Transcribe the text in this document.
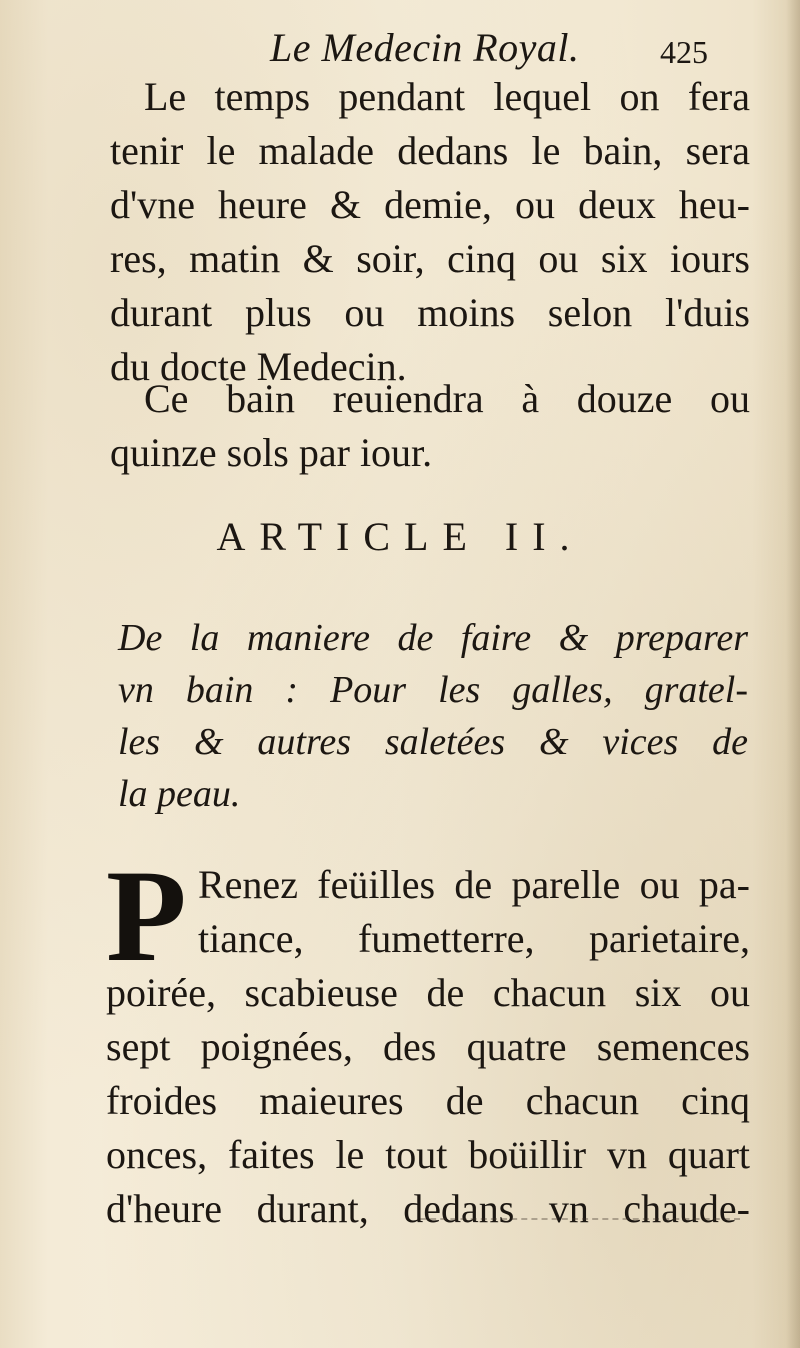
Le Medecin Royal.	425
Le temps pendant lequel on fera
tenir le malade dedans le bain, sera
d'vne heure & demie, ou deux heu-
res, matin & soir, cinq ou six iours
durant plus ou moins selon l'duis
du docte Medecin.
Ce bain reuiendra à douze ou
quinze sols par iour.
ARTICLE II.
De la maniere de faire & preparer
vn bain : Pour les galles, gratel-
les & autres saletées & vices de
la peau.
P Renez feüilles de parelle ou pa-
tiance, fumetterre, parietaire,
poirée, scabieuse de chacun six ou
sept poignées, des quatre semences
froides maieures de chacun cinq
onces, faites le tout boüillir vn quart
d'heure durant, dedans vn chaude-
